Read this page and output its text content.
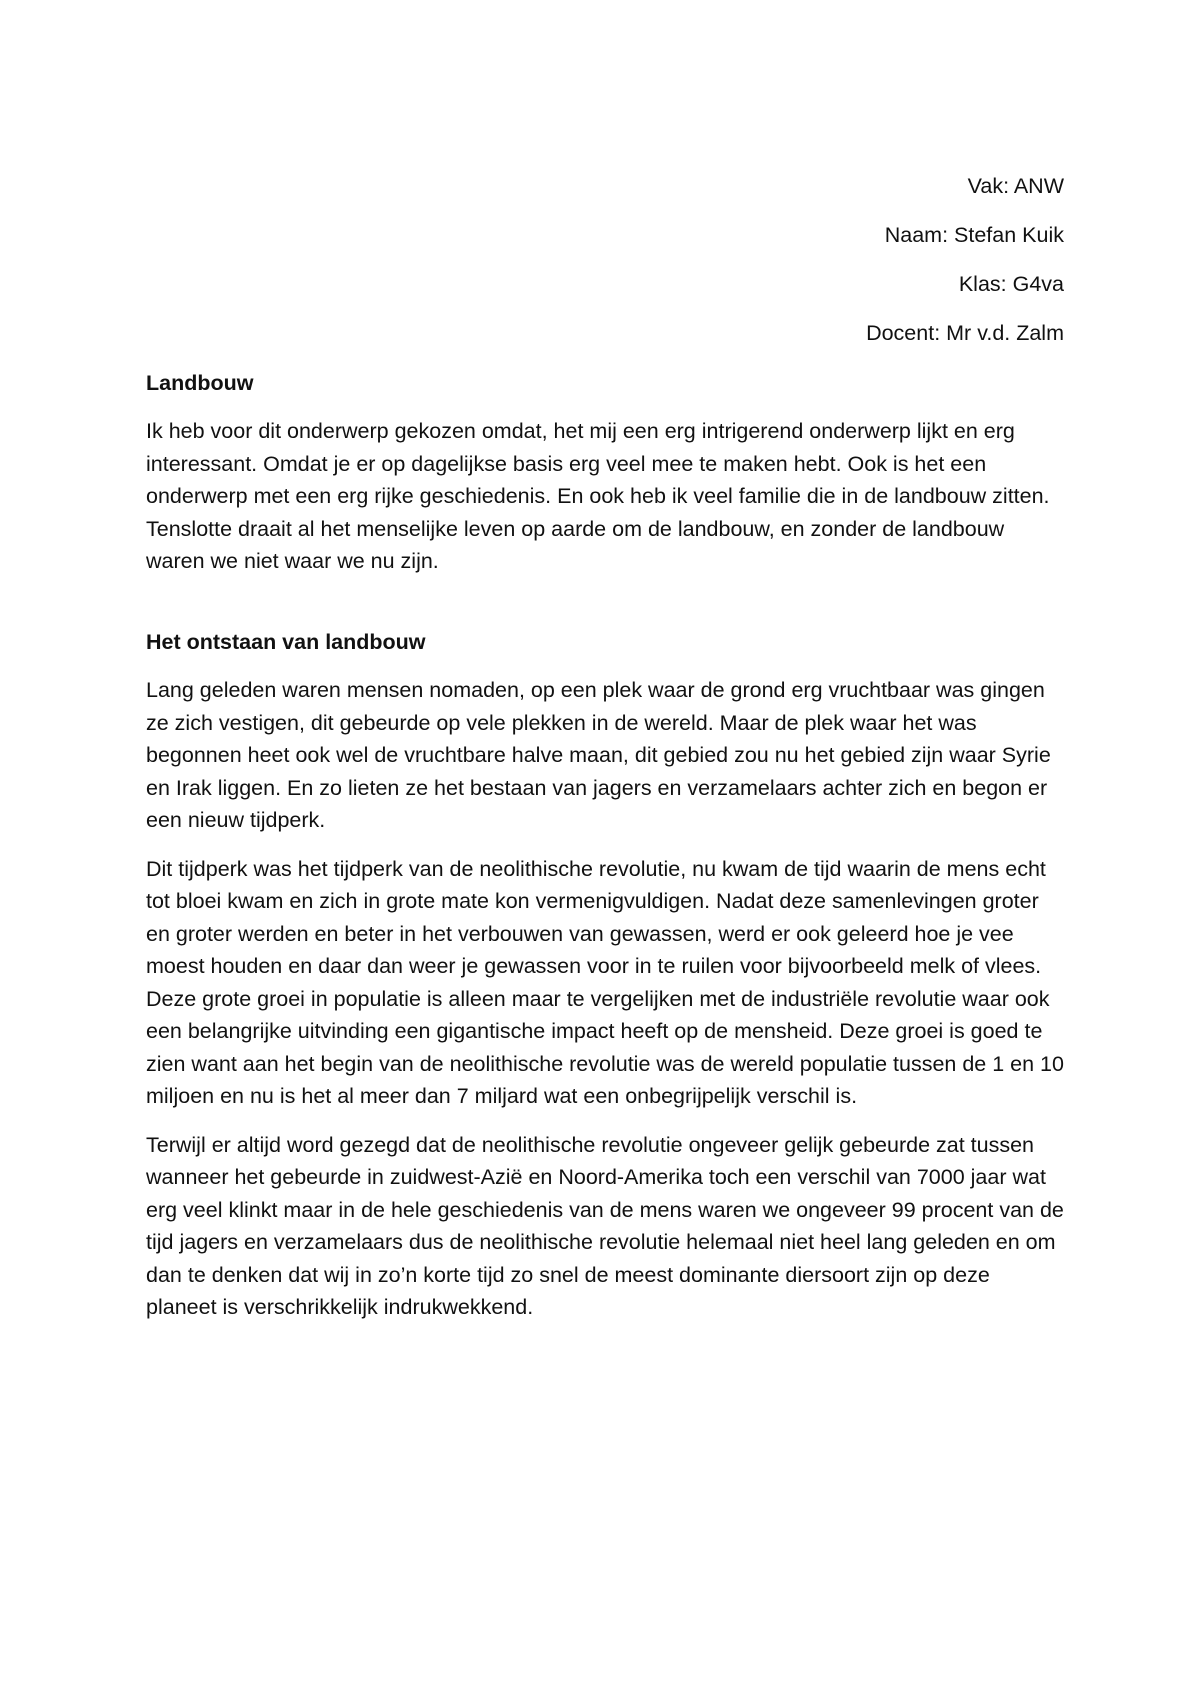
Vak: ANW
Naam: Stefan Kuik
Klas: G4va
Docent: Mr v.d. Zalm
Landbouw

Ik heb voor dit onderwerp gekozen omdat, het mij een erg intrigerend onderwerp lijkt en erg interessant. Omdat je er op dagelijkse basis erg veel mee te maken hebt. Ook is het een onderwerp met een erg rijke geschiedenis. En ook heb ik veel familie die in de landbouw zitten. Tenslotte draait al het menselijke leven op aarde om de landbouw, en zonder de landbouw waren we niet waar we nu zijn.

Het ontstaan van landbouw

Lang geleden waren mensen nomaden, op een plek waar de grond erg vruchtbaar was gingen ze zich vestigen, dit gebeurde op vele plekken in de wereld. Maar de plek waar het was begonnen heet ook wel de vruchtbare halve maan, dit gebied zou nu het gebied zijn waar Syrie en Irak liggen. En zo lieten ze het bestaan van jagers en verzamelaars achter zich en begon er een nieuw tijdperk.

Dit tijdperk was het tijdperk van de neolithische revolutie, nu kwam de tijd waarin de mens echt tot bloei kwam en zich in grote mate kon vermenigvuldigen. Nadat deze samenlevingen groter en groter werden en beter in het verbouwen van gewassen, werd er ook geleerd hoe je vee moest houden en daar dan weer je gewassen voor in te ruilen voor bijvoorbeeld melk of vlees. Deze grote groei in populatie is alleen maar te vergelijken met de industriële revolutie waar ook een belangrijke uitvinding een gigantische impact heeft op de mensheid. Deze groei is goed te zien want aan het begin van de neolithische revolutie was de wereld populatie tussen de 1 en 10 miljoen en nu is het al meer dan 7 miljard wat een onbegrijpelijk verschil is.

Terwijl er altijd word gezegd dat de neolithische revolutie ongeveer gelijk gebeurde zat tussen wanneer het gebeurde in zuidwest-Azië en Noord-Amerika toch een verschil van 7000 jaar wat erg veel klinkt maar in de hele geschiedenis van de mens waren we ongeveer 99 procent van de tijd jagers en verzamelaars dus de neolithische revolutie helemaal niet heel lang geleden en om dan te denken dat wij in zo’n korte tijd zo snel de meest dominante diersoort zijn op deze planeet is verschrikkelijk indrukwekkend.
